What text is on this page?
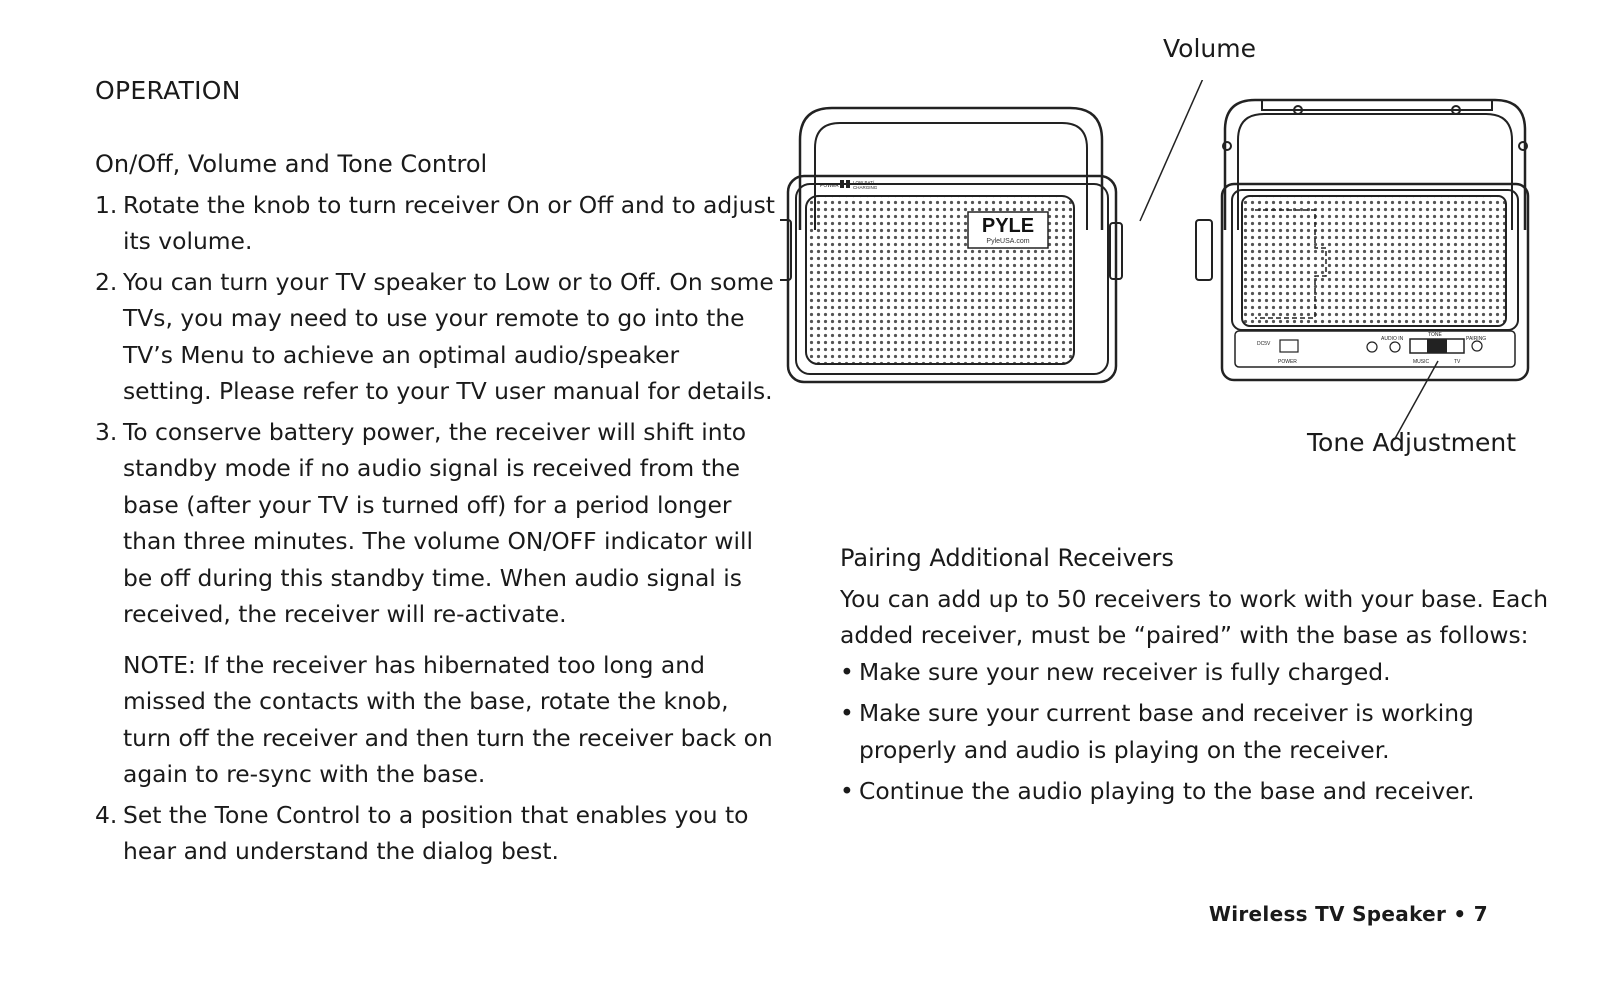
OPERATION
On/Off, Volume and Tone Control
1. Rotate the knob to turn receiver On or Off and to adjust its volume.
2. You can turn your TV speaker to Low or to Off. On some TVs, you may need to use your remote to go into the TV’s Menu to achieve an optimal audio/speaker setting. Please refer to your TV user manual for details.
3. To conserve battery power, the receiver will shift into standby mode if no audio signal is received from the base (after your TV is turned off) for a period longer than three minutes. The volume ON/OFF indicator will be off during this standby time. When audio signal is received, the receiver will re-activate.
NOTE: If the receiver has hibernated too long and missed the contacts with the base, rotate the knob, turn off the receiver and then turn the receiver back on again to re-sync with the base.
4. Set the Tone Control to a position that enables you to hear and understand the dialog best.
Volume
Tone Adjustment
POWER
LOW BAT/
CHARGING
PYLE
PyleUSA.com
DC5V
POWER
AUDIO IN
TONE
MUSIC	TV
PAIRING
Pairing Additional Receivers

You can add up to 50 receivers to work with your base. Each added receiver, must be “paired” with the base as follows:

• Make sure your new receiver is fully charged.
• Make sure your current base and receiver is working properly and audio is playing on the receiver.
• Continue the audio playing to the base and receiver.
Wireless TV Speaker • 7
